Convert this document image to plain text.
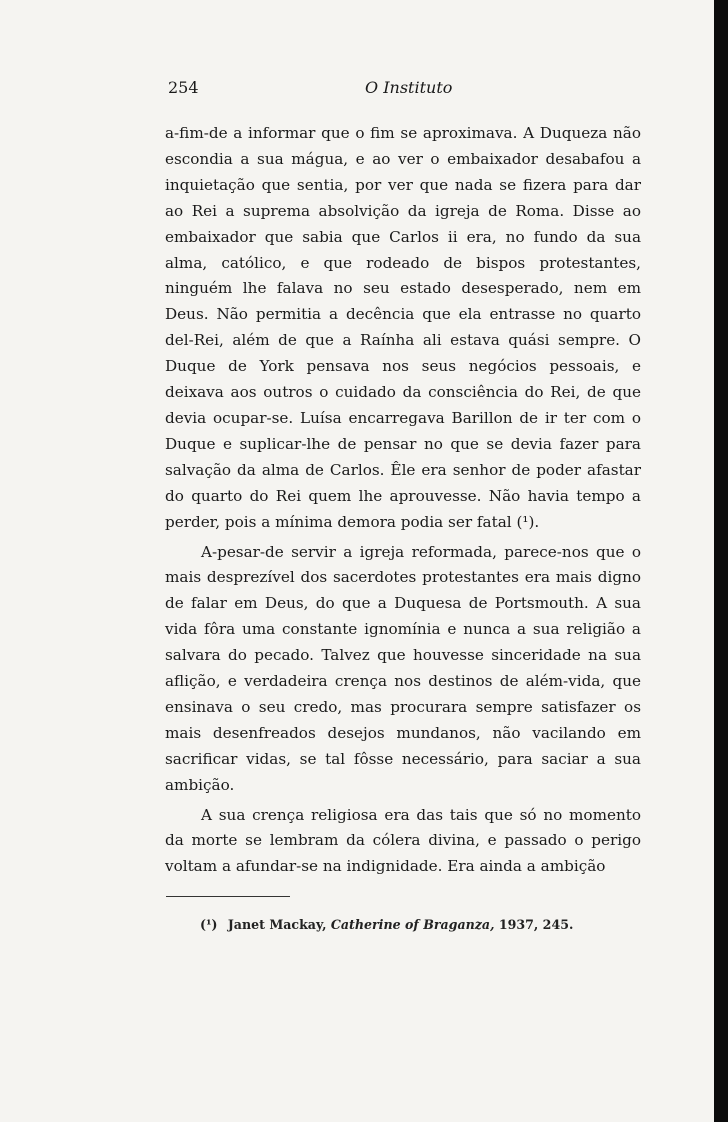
254	O Instituto

a-fim-de a informar que o fim se aproximava. A Duqueza não escondia a sua mágua, e ao ver o embaixador desabafou a inquietação que sentia, por ver que nada se fizera para dar ao Rei a suprema absolvição da igreja de Roma. Disse ao embaixador que sabia que Carlos ii era, no fundo da sua alma, católico, e que rodeado de bispos protestantes, ninguém lhe falava no seu estado desesperado, nem em Deus. Não permitia a decência que ela entrasse no quarto del-Rei, além de que a Raínha ali estava quási sempre. O Duque de York pensava nos seus negócios pessoais, e deixava aos outros o cuidado da consciência do Rei, de que devia ocupar-se. Luísa encarregava Barillon de ir ter com o Duque e suplicar-lhe de pensar no que se devia fazer para salvação da alma de Carlos. Êle era senhor de poder afastar do quarto do Rei quem lhe aprouvesse. Não havia tempo a perder, pois a mínima demora podia ser fatal (¹).

A-pesar-de servir a igreja reformada, parece-nos que o mais desprezível dos sacerdotes protestantes era mais digno de falar em Deus, do que a Duquesa de Portsmouth. A sua vida fôra uma constante ignomínia e nunca a sua religião a salvara do pecado. Talvez que houvesse sinceridade na sua aflição, e verdadeira crença nos destinos de além-vida, que ensinava o seu credo, mas procurara sempre satisfazer os mais desenfreados desejos mundanos, não vacilando em sacrificar vidas, se tal fôsse necessário, para saciar a sua ambição.

A sua crença religiosa era das tais que só no momento da morte se lembram da cólera divina, e passado o perigo voltam a afundar-se na indignidade. Era ainda a ambição

(¹) Janet Mackay, Catherine of Braganza, 1937, 245.
